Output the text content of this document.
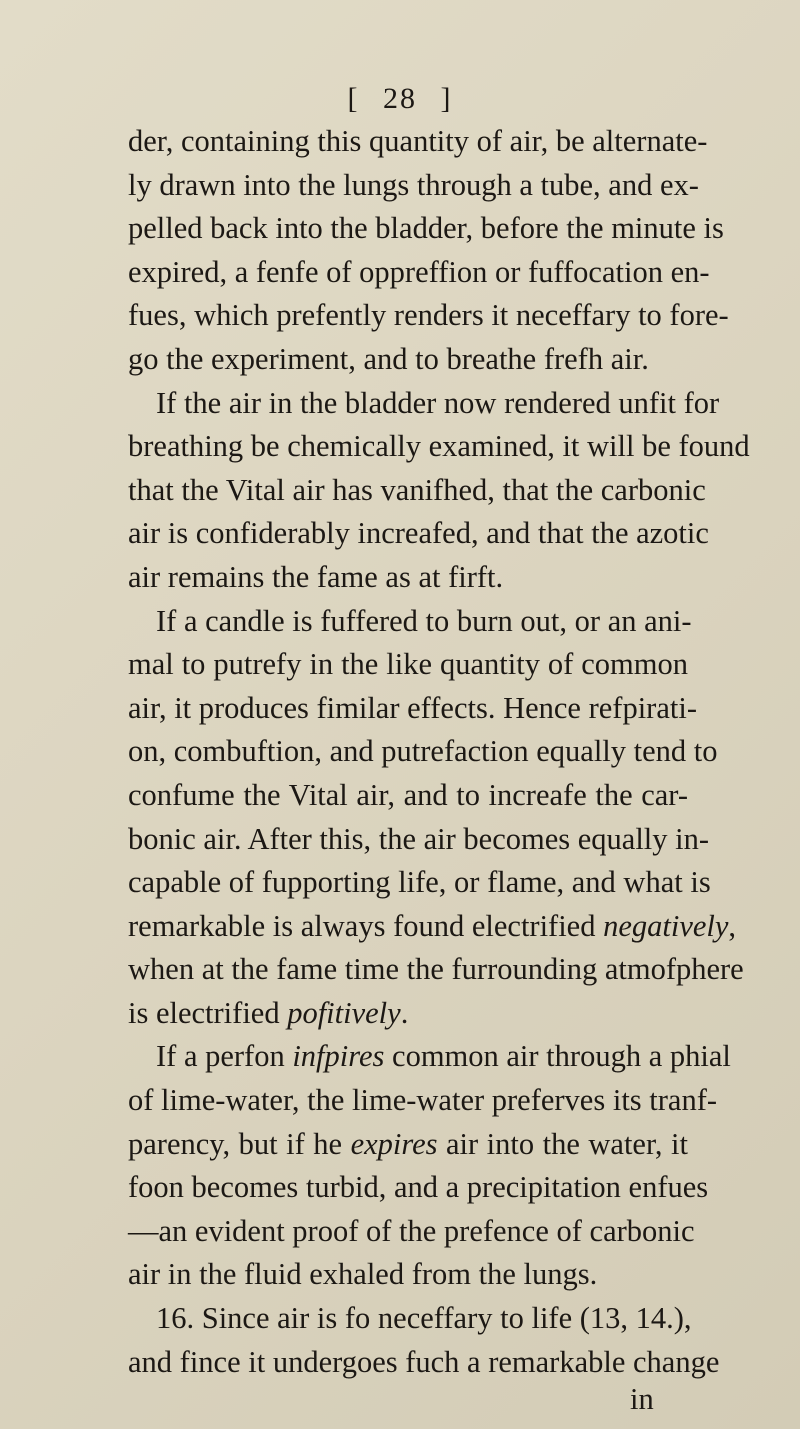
[ 28 ]
der, containing this quantity of air, be alternate-
ly drawn into the lungs through a tube, and ex-
pelled back into the bladder, before the minute is
expired, a fenfe of oppreffion or fuffocation en-
fues, which prefently renders it neceffary to fore-
go the experiment, and to breathe frefh air.
If the air in the bladder now rendered unfit for
breathing be chemically examined, it will be found
that the Vital air has vanifhed, that the carbonic
air is confiderably increafed, and that the azotic
air remains the fame as at firft.
If a candle is fuffered to burn out, or an ani-
mal to putrefy in the like quantity of common
air, it produces fimilar effects. Hence refpirati-
on, combuftion, and putrefaction equally tend to
confume the Vital air, and to increafe the car-
bonic air. After this, the air becomes equally in-
capable of fupporting life, or flame, and what is
remarkable is always found electrified negatively,
when at the fame time the furrounding atmofphere
is electrified pofitively.
If a perfon infpires common air through a phial
of lime-water, the lime-water preferves its tranf-
parency, but if he expires air into the water, it
foon becomes turbid, and a precipitation enfues
—an evident proof of the prefence of carbonic
air in the fluid exhaled from the lungs.
16. Since air is fo neceffary to life (13, 14.),
and fince it undergoes fuch a remarkable change
in
